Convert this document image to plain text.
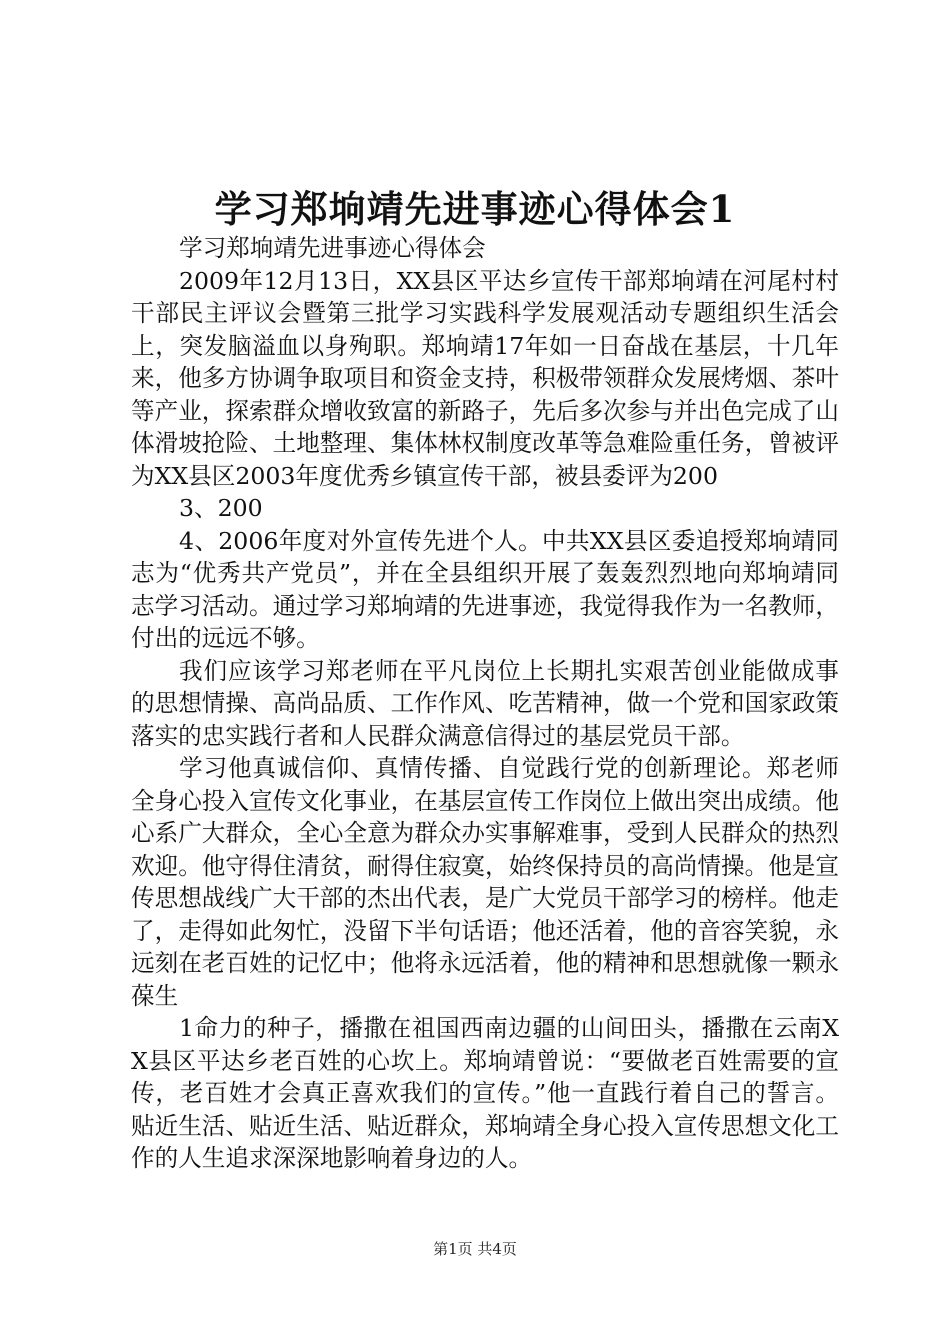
学习郑垧靖先进事迹心得体会1

学习郑垧靖先进事迹心得体会

2009年12月13日，XX县区平达乡宣传干部郑垧靖在河尾村村干部民主评议会暨第三批学习实践科学发展观活动专题组织生活会上，突发脑溢血以身殉职。郑垧靖17年如一日奋战在基层，十几年来，他多方协调争取项目和资金支持，积极带领群众发展烤烟、茶叶等产业，探索群众增收致富的新路子，先后多次参与并出色完成了山体滑坡抢险、土地整理、集体林权制度改革等急难险重任务，曾被评为XX县区2003年度优秀乡镇宣传干部，被县委评为200

3、200

4、2006年度对外宣传先进个人。中共XX县区委追授郑垧靖同志为“优秀共产党员”，并在全县组织开展了轰轰烈烈地向郑垧靖同志学习活动。通过学习郑垧靖的先进事迹，我觉得我作为一名教师，付出的远远不够。

我们应该学习郑老师在平凡岗位上长期扎实艰苦创业能做成事的思想情操、高尚品质、工作作风、吃苦精神，做一个党和国家政策落实的忠实践行者和人民群众满意信得过的基层党员干部。

学习他真诚信仰、真情传播、自觉践行党的创新理论。郑老师全身心投入宣传文化事业，在基层宣传工作岗位上做出突出成绩。他心系广大群众，全心全意为群众办实事解难事，受到人民群众的热烈欢迎。他守得住清贫，耐得住寂寞，始终保持员的高尚情操。他是宣传思想战线广大干部的杰出代表，是广大党员干部学习的榜样。他走了，走得如此匆忙，没留下半句话语；他还活着，他的音容笑貌，永远刻在老百姓的记忆中；他将永远活着，他的精神和思想就像一颗永葆生

1命力的种子，播撒在祖国西南边疆的山间田头，播撒在云南XX县区平达乡老百姓的心坎上。郑垧靖曾说：“要做老百姓需要的宣传，老百姓才会真正喜欢我们的宣传。”他一直践行着自己的誓言。贴近生活、贴近生活、贴近群众，郑垧靖全身心投入宣传思想文化工作的人生追求深深地影响着身边的人。

第1页 共4页
